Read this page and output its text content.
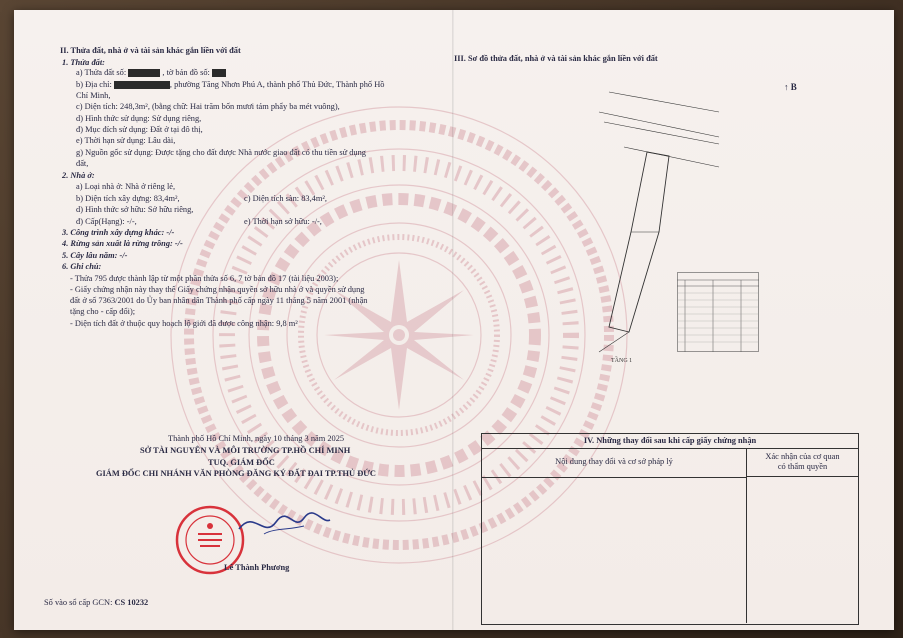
II. Thửa đất, nhà ở và tài sản khác gắn liền với đất
1. Thửa đất:
a) Thửa đất số:	, tờ bản đồ số:
b) Địa chỉ:	, phường Tăng Nhơn Phú A, thành phố Thủ Đức, Thành phố Hồ
Chí Minh,
c) Diện tích: 248,3m², (bằng chữ: Hai trăm bốn mươi tám phẩy ba mét vuông),
d) Hình thức sử dụng: Sử dụng riêng,
đ) Mục đích sử dụng: Đất ở tại đô thị,
e) Thời hạn sử dụng: Lâu dài,
g) Nguồn gốc sử dụng: Được tặng cho đất được Nhà nước giao đất có thu tiền sử dụng
đất,
2. Nhà ở:
a) Loại nhà ở: Nhà ở riêng lẻ,
b) Diện tích xây dựng: 83,4m²,	c) Diện tích sàn: 83,4m²,
d) Hình thức sở hữu: Sở hữu riêng,
đ) Cấp(Hạng): -/-,	e) Thời hạn sở hữu: -/-,
3. Công trình xây dựng khác: -/-
4. Rừng sản xuất là rừng trồng: -/-
5. Cây lâu năm: -/-
6. Ghi chú:
- Thửa 795 được thành lập từ một phần thửa số 6, 7 tờ bản đồ 17 (tài liệu 2003);
- Giấy chứng nhận này thay thế Giấy chứng nhận quyền sở hữu nhà ở và quyền sử dụng
đất ở số 7363/2001 do Ủy ban nhân dân Thành phố cấp ngày 11 tháng 5 năm 2001 (nhận
tặng cho - cấp đổi);
- Diện tích đất ở thuộc quy hoạch lộ giới đã được công nhận: 9,8 m²
Thành phố Hồ Chí Minh, ngày 10 tháng 3 năm 2025
SỞ TÀI NGUYÊN VÀ MÔI TRƯỜNG TP.HỒ CHÍ MINH
TUQ. GIÁM ĐỐC
GIÁM ĐỐC CHI NHÁNH VĂN PHÒNG ĐĂNG KÝ ĐẤT ĐAI TP.THỦ ĐỨC
Lê Thành Phương
Số vào sổ cấp GCN: CS 10232
III. Sơ đồ thửa đất, nhà ở và tài sản khác gắn liền với đất
↑ B
TẦNG 1
IV. Những thay đổi sau khi cấp giấy chứng nhận
Nội dung thay đổi và cơ sở pháp lý
Xác nhận của cơ quan
có thẩm quyền
